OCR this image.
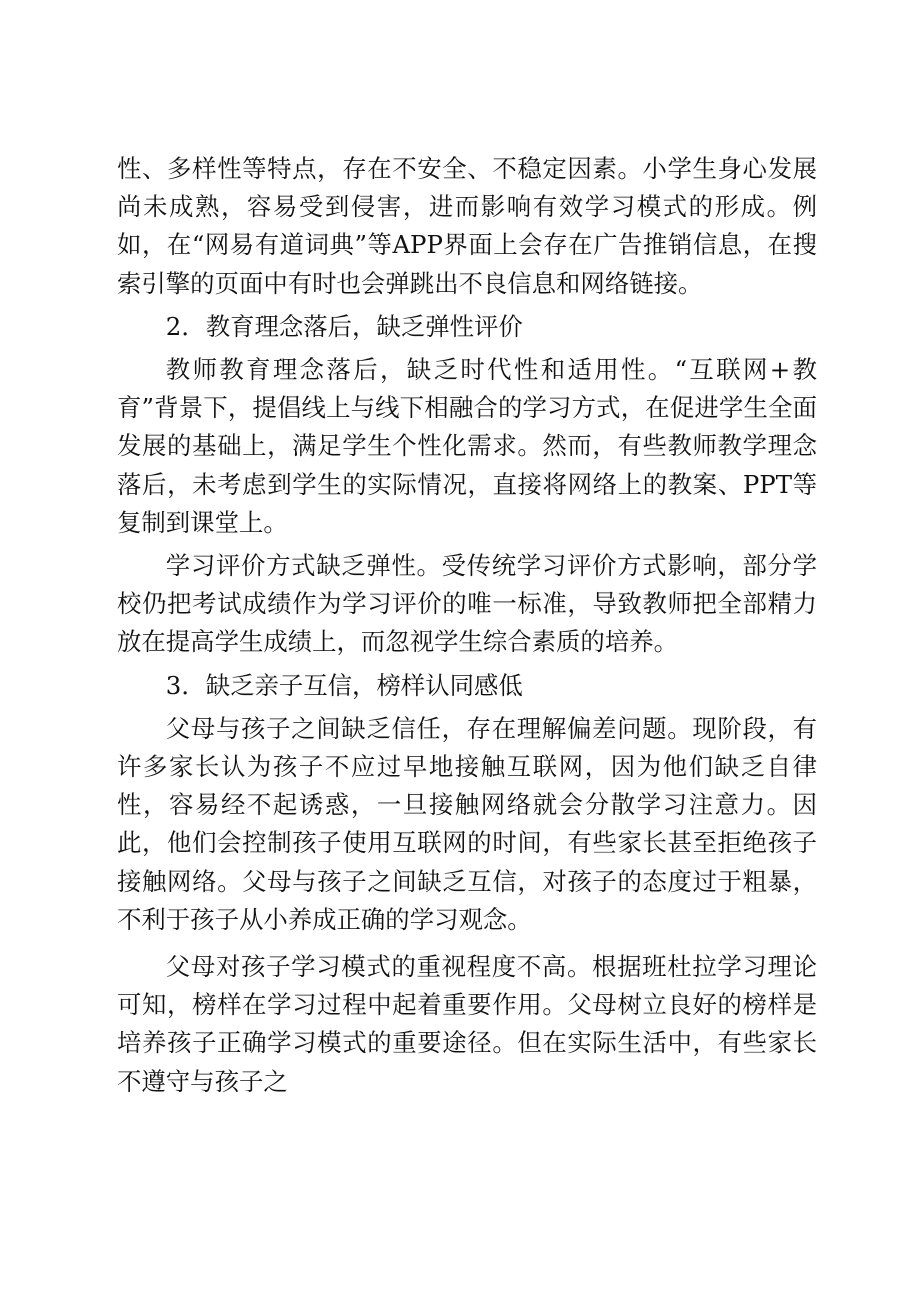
性、多样性等特点，存在不安全、不稳定因素。小学生身心发展尚未成熟，容易受到侵害，进而影响有效学习模式的形成。例如，在“网易有道词典”等APP界面上会存在广告推销信息，在搜索引擎的页面中有时也会弹跳出不良信息和网络链接。

2．教育理念落后，缺乏弹性评价

教师教育理念落后，缺乏时代性和适用性。“互联网+教育”背景下，提倡线上与线下相融合的学习方式，在促进学生全面发展的基础上，满足学生个性化需求。然而，有些教师教学理念落后，未考虑到学生的实际情况，直接将网络上的教案、PPT等复制到课堂上。

学习评价方式缺乏弹性。受传统学习评价方式影响，部分学校仍把考试成绩作为学习评价的唯一标准，导致教师把全部精力放在提高学生成绩上，而忽视学生综合素质的培养。

3．缺乏亲子互信，榜样认同感低

父母与孩子之间缺乏信任，存在理解偏差问题。现阶段，有许多家长认为孩子不应过早地接触互联网，因为他们缺乏自律性，容易经不起诱惑，一旦接触网络就会分散学习注意力。因此，他们会控制孩子使用互联网的时间，有些家长甚至拒绝孩子接触网络。父母与孩子之间缺乏互信，对孩子的态度过于粗暴，不利于孩子从小养成正确的学习观念。

父母对孩子学习模式的重视程度不高。根据班杜拉学习理论可知，榜样在学习过程中起着重要作用。父母树立良好的榜样是培养孩子正确学习模式的重要途径。但在实际生活中，有些家长不遵守与孩子之
